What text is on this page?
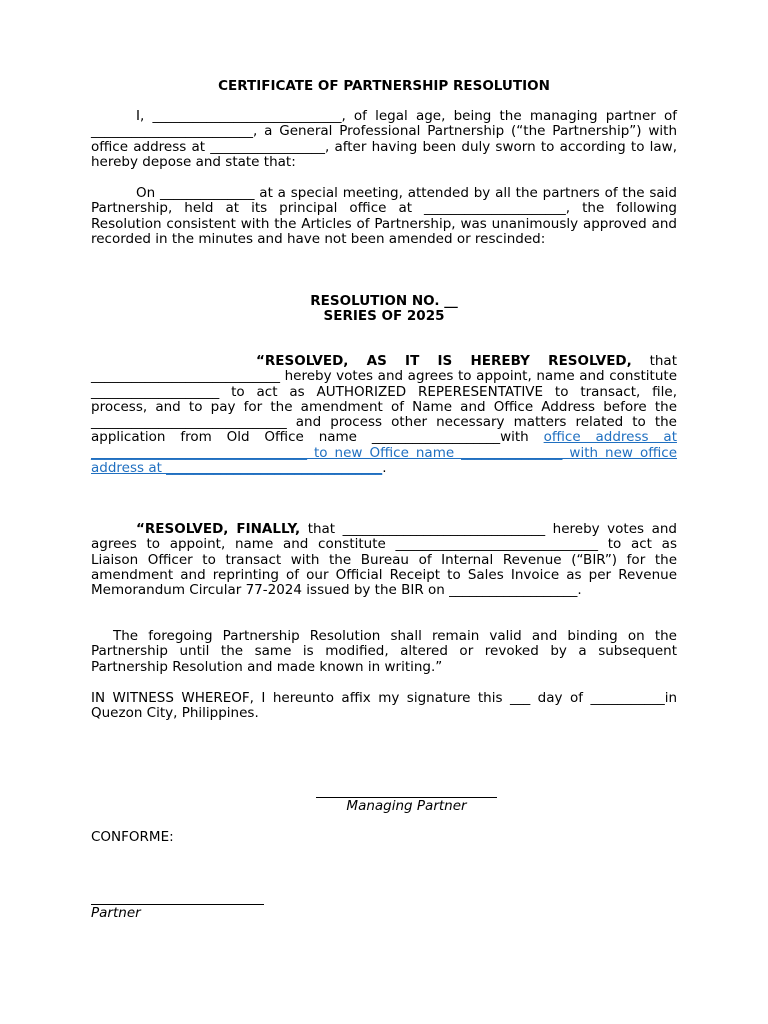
CERTIFICATE OF PARTNERSHIP RESOLUTION

I, ____________________________, of legal age, being the managing partner of ________________________, a General Professional Partnership (“the Partnership”) with office address at _________________, after having been duly sworn to according to law, hereby depose and state that:

On ______________ at a special meeting, attended by all the partners of the said Partnership, held at its principal office at _____________________, the following Resolution consistent with the Articles of Partnership, was unanimously approved and recorded in the minutes and have not been amended or rescinded:

RESOLUTION NO. __
SERIES OF 2025

“RESOLVED, AS IT IS HEREBY RESOLVED, that ____________________________ hereby votes and agrees to appoint, name and constitute ___________________ to act as AUTHORIZED REPERESENTATIVE to transact, file, process, and to pay for the amendment of Name and Office Address before the _____________________________ and process other necessary matters related to the application from Old Office name ___________________with office address at ________________________________ to new Office name _______________ with new office address at ________________________________.

“RESOLVED, FINALLY, that ______________________________ hereby votes and agrees to appoint, name and constitute ______________________________ to act as Liaison Officer to transact with the Bureau of Internal Revenue (“BIR”) for the amendment and reprinting of our Official Receipt to Sales Invoice as per Revenue Memorandum Circular 77-2024 issued by the BIR on ___________________.

The foregoing Partnership Resolution shall remain valid and binding on the Partnership until the same is modified, altered or revoked by a subsequent Partnership Resolution and made known in writing.”

IN WITNESS WHEREOF, I hereunto affix my signature this ___ day of ___________in Quezon City, Philippines.

Managing Partner
CONFORME:
Partner
